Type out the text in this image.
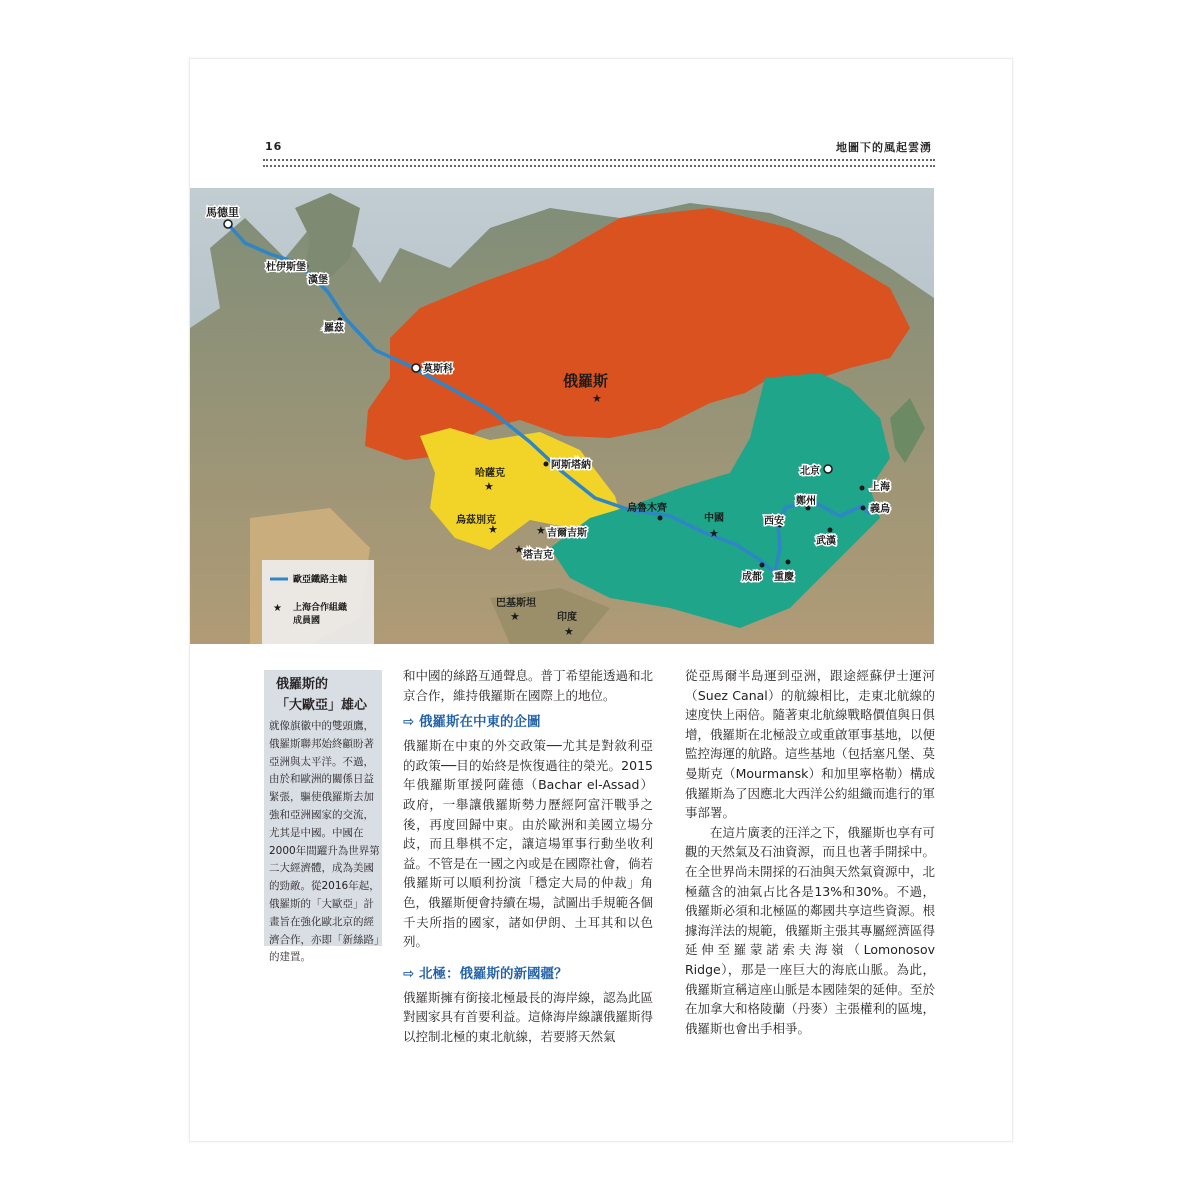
16	地圖下的風起雲湧
★
★
★	★
★
★
★
★
馬德里
杜伊斯堡
漢堡
羅茲
莫斯科
俄羅斯
阿斯塔納
哈薩克
烏茲別克
吉爾吉斯
塔吉克
烏魯木齊
中國
北京
上海
義烏
鄭州
西安
武漢
成都 重慶
巴基斯坦
印度
歐亞鐵路主軸
★ 上海合作組織
成員國
俄羅斯的
「大歐亞」雄心
就像旗徽中的雙頭鷹，俄羅斯聯邦始終顧盼著亞洲與太平洋。不過，由於和歐洲的關係日益緊張，驅使俄羅斯去加強和亞洲國家的交流，尤其是中國。中國在2000年間躍升為世界第二大經濟體，成為美國的勁敵。從2016年起，俄羅斯的「大歐亞」計畫旨在強化歐北京的經濟合作，亦即「新絲路」的建置。

和中國的絲路互通聲息。普丁希望能透過和北京合作，維持俄羅斯在國際上的地位。

⇨ 俄羅斯在中東的企圖

俄羅斯在中東的外交政策──尤其是對敘利亞的政策──目的始終是恢復過往的榮光。2015年俄羅斯軍援阿薩德（Bachar el-Assad）政府，一舉讓俄羅斯勢力歷經阿富汗戰爭之後，再度回歸中東。由於歐洲和美國立場分歧，而且舉棋不定，讓這場軍事行動坐收利益。不管是在一國之內或是在國際社會，倘若俄羅斯可以順利扮演「穩定大局的仲裁」角色，俄羅斯便會持續在場，試圖出手規範各個千夫所指的國家，諸如伊朗、土耳其和以色列。

⇨ 北極：俄羅斯的新國疆？

俄羅斯擁有銜接北極最長的海岸線，認為此區對國家具有首要利益。這條海岸線讓俄羅斯得以控制北極的東北航線，若要將天然氣

從亞馬爾半島運到亞洲，跟途經蘇伊士運河（Suez Canal）的航線相比，走東北航線的速度快上兩倍。隨著東北航線戰略價值與日俱增，俄羅斯在北極設立或重啟軍事基地，以便監控海運的航路。這些基地（包括塞凡堡、莫曼斯克（Mourmansk）和加里寧格勒）構成俄羅斯為了因應北大西洋公約組織而進行的軍事部署。

在這片廣袤的汪洋之下，俄羅斯也享有可觀的天然氣及石油資源，而且也著手開採中。在全世界尚未開採的石油與天然氣資源中，北極蘊含的油氣占比各是13%和30%。不過，俄羅斯必須和北極區的鄰國共享這些資源。根據海洋法的規範，俄羅斯主張其專屬經濟區得延伸至羅蒙諾索夫海嶺（Lomonosov Ridge），那是一座巨大的海底山脈。為此，俄羅斯宣稱這座山脈是本國陸架的延伸。至於在加拿大和格陵蘭（丹麥）主張權利的區塊，俄羅斯也會出手相爭。
